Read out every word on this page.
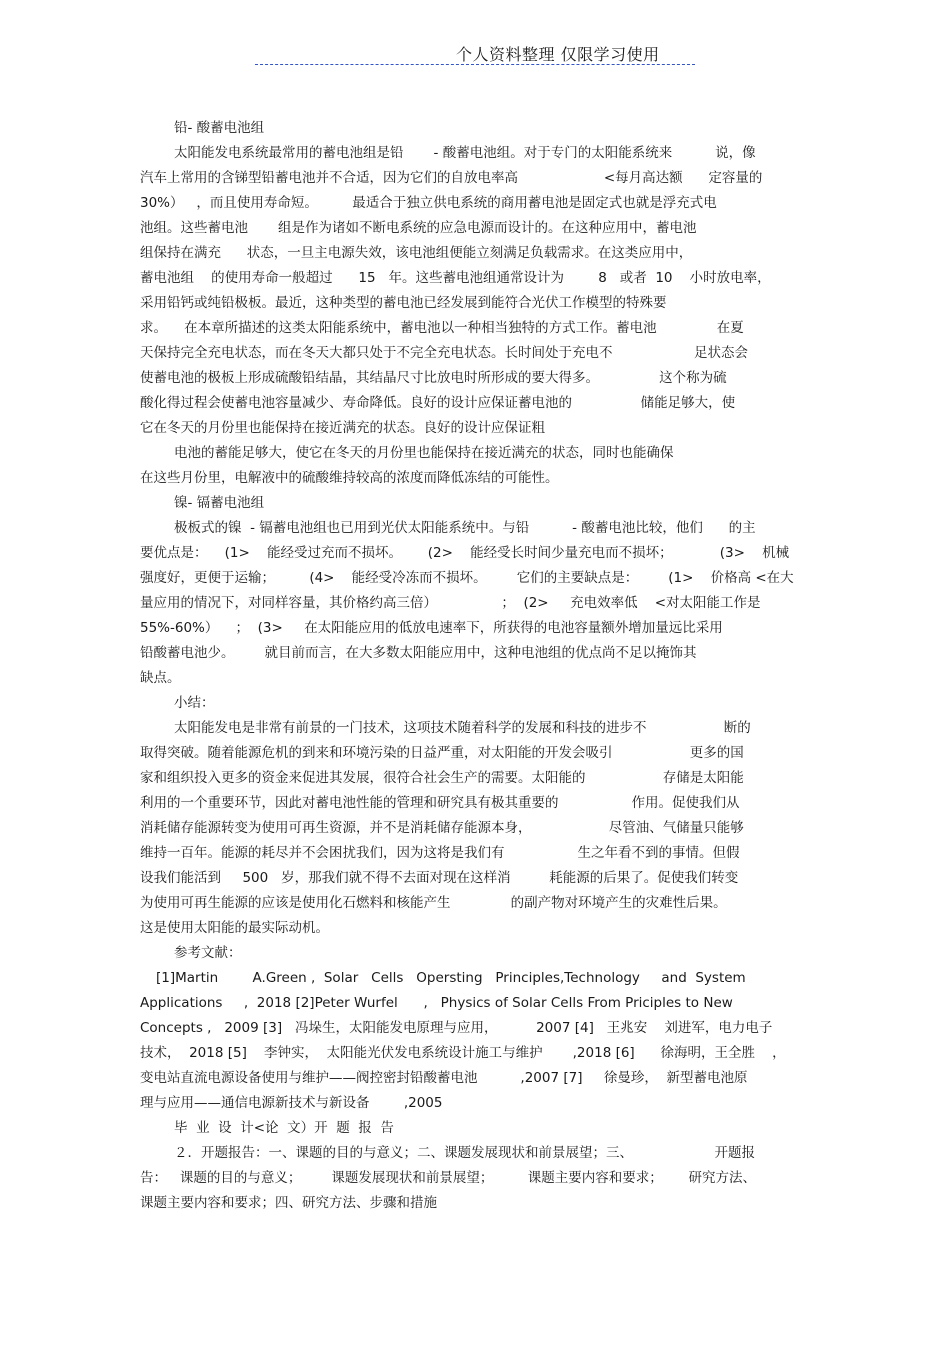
个人资料整理 仅限学习使用
铅- 酸蓄电池组
太阳能发电系统最常用的蓄电池组是铅       - 酸蓄电池组。对于专门的太阳能系统来          说，像
汽车上常用的含锑型铅蓄电池并不合适，因为它们的自放电率高                    <每月高达额      定容量的
30%）   ，而且使用寿命短。        最适合于独立供电系统的商用蓄电池是固定式也就是浮充式电
池组。这些蓄电池       组是作为诸如不断电系统的应急电源而设计的。在这种应用中，蓄电池
组保持在满充      状态，一旦主电源失效，该电池组便能立刻满足负载需求。在这类应用中，
蓄电池组    的使用寿命一般超过      15   年。这些蓄电池组通常设计为        8   或者  10    小时放电率，
采用铅钙或纯铅极板。最近，这种类型的蓄电池已经发展到能符合光伏工作模型的特殊要
求。    在本章所描述的这类太阳能系统中，蓄电池以一种相当独特的方式工作。蓄电池              在夏
天保持完全充电状态，而在冬天大都只处于不完全充电状态。长时间处于充电不                   足状态会
使蓄电池的极板上形成硫酸铅结晶，其结晶尺寸比放电时所形成的要大得多。              这个称为硫
酸化得过程会使蓄电池容量减少、寿命降低。良好的设计应保证蓄电池的                储能足够大，使
它在冬天的月份里也能保持在接近满充的状态。良好的设计应保证粗
电池的蓄能足够大，使它在冬天的月份里也能保持在接近满充的状态，同时也能确保
在这些月份里，电解液中的硫酸维持较高的浓度而降低冻结的可能性。
镍- 镉蓄电池组
极板式的镍  - 镉蓄电池组也已用到光伏太阳能系统中。与铅          - 酸蓄电池比较，他们      的主
要优点是：    (1>    能经受过充而不损坏。      (2>    能经受长时间少量充电而不损坏；           (3>    机械
强度好，更便于运输；        (4>    能经受冷冻而不损坏。       它们的主要缺点是：       (1>    价格高 <在大
量应用的情况下，对同样容量，其价格约高三倍）               ；  (2>     充电效率低    <对太阳能工作是
55%-60%）    ；  (3>     在太阳能应用的低放电速率下，所获得的电池容量额外增加量远比采用
铅酸蓄电池少。       就目前而言，在大多数太阳能应用中，这种电池组的优点尚不足以掩饰其
缺点。
小结：
太阳能发电是非常有前景的一门技术，这项技术随着科学的发展和科技的进步不                  断的
取得突破。随着能源危机的到来和环境污染的日益严重，对太阳能的开发会吸引                  更多的国
家和组织投入更多的资金来促进其发展，很符合社会生产的需要。太阳能的                  存储是太阳能
利用的一个重要环节，因此对蓄电池性能的管理和研究具有极其重要的                 作用。促使我们从
消耗储存能源转变为使用可再生资源，并不是消耗储存能源本身，                  尽管油、气储量只能够
维持一百年。能源的耗尽并不会困扰我们，因为这将是我们有                 生之年看不到的事情。但假
设我们能活到     500   岁，那我们就不得不去面对现在这样消         耗能源的后果了。促使我们转变
为使用可再生能源的应该是使用化石燃料和核能产生              的副产物对环境产生的灾难性后果。
这是使用太阳能的最实际动机。
参考文献：
[1]Martin        A.Green ,  Solar   Cells   Opersting   Principles,Technology     and  System
Applications     ,  2018 [2]Peter Wurfel      ,   Physics of Solar Cells From Priciples to New
Concepts ,   2009 [3]   冯垛生，太阳能发电原理与应用，         2007 [4]   王兆安    刘进军，电力电子
技术，  2018 [5]    李钟实，  太阳能光伏发电系统设计施工与维护       ,2018 [6]      徐海明，王全胜    ，
变电站直流电源设备使用与维护——阀控密封铅酸蓄电池          ,2007 [7]     徐曼珍，  新型蓄电池原
理与应用——通信电源新技术与新设备        ,2005
毕  业  设  计<论  文）开  题  报  告
２．开题报告：一、课题的目的与意义；二、课题发展现状和前景展望；三、                   开题报
告：   课题的目的与意义；       课题发展现状和前景展望；        课题主要内容和要求；      研究方法、
课题主要内容和要求；四、研究方法、步骤和措施
